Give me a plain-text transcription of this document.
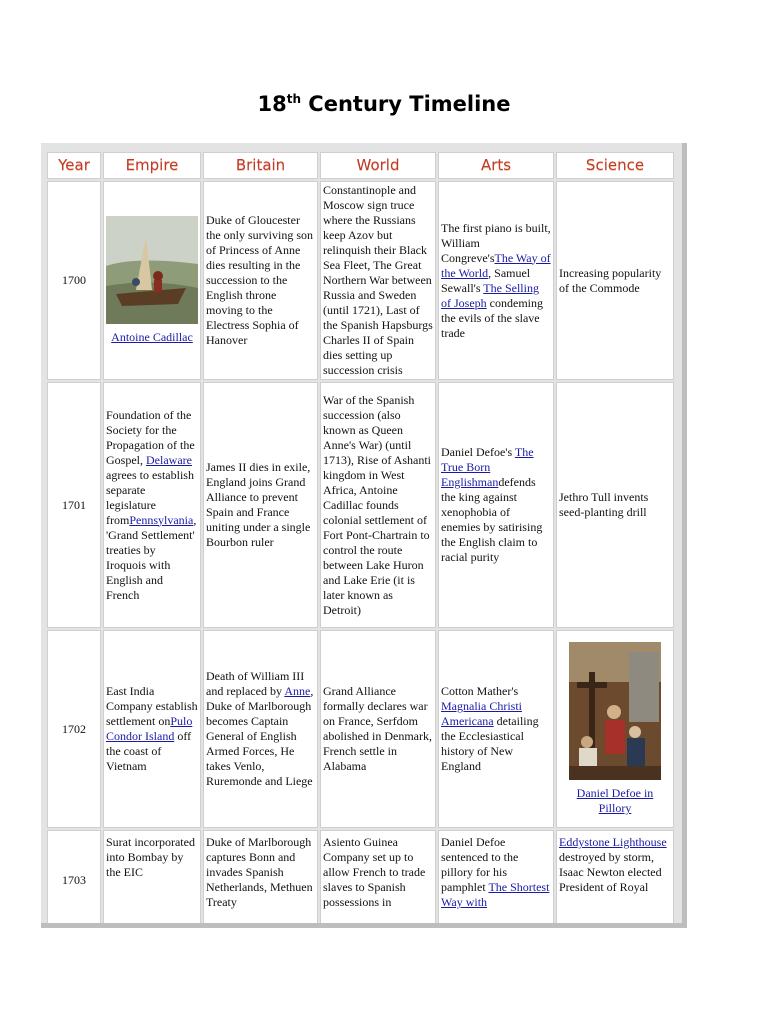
18th Century Timeline
Year	Empire	Britain	World	Arts	Science
1700	Antoine Cadillac	Duke of Gloucester the only surviving son of Princess of Anne dies resulting in the succession to the English throne moving to the Electress Sophia of Hanover	Constantinople and Moscow sign truce where the Russians keep Azov but relinquish their Black Sea Fleet, The Great Northern War between Russia and Sweden (until 1721), Last of the Spanish Hapsburgs Charles II of Spain dies setting up succession crisis	The first piano is built, William Congreve'sThe Way of the World, Samuel Sewall's The Selling of Joseph condeming the evils of the slave trade	Increasing popularity of the Commode
1701	Foundation of the Society for the Propagation of the Gospel, Delaware agrees to establish separate legislature fromPennsylvania, 'Grand Settlement' treaties by Iroquois with English and French	James II dies in exile, England joins Grand Alliance to prevent Spain and France uniting under a single Bourbon ruler	War of the Spanish succession (also known as Queen Anne's War) (until 1713), Rise of Ashanti kingdom in West Africa, Antoine Cadillac founds colonial settlement of Fort Pont-Chartrain to control the route between Lake Huron and Lake Erie (it is later known as Detroit)	Daniel Defoe's The True Born Englishmandefends the king against xenophobia of enemies by satirising the English claim to racial purity	Jethro Tull invents seed-planting drill
1702	East India Company establish settlement onPulo Condor Island off the coast of Vietnam	Death of William III and replaced by Anne, Duke of Marlborough becomes Captain General of English Armed Forces, He takes Venlo, Ruremonde and Liege	Grand Alliance formally declares war on France, Serfdom abolished in Denmark, French settle in Alabama	Cotton Mather's Magnalia Christi Americana detailing the Ecclesiastical history of New England	Daniel Defoe in Pillory
1703	Surat incorporated into Bombay by the EIC	Duke of Marlborough captures Bonn and invades Spanish Netherlands, Methuen Treaty	Asiento Guinea Company set up to allow French to trade slaves to Spanish possessions in	Daniel Defoe sentenced to the pillory for his pamphlet The Shortest Way with	Eddystone Lighthouse destroyed by storm, Isaac Newton elected President of Royal
